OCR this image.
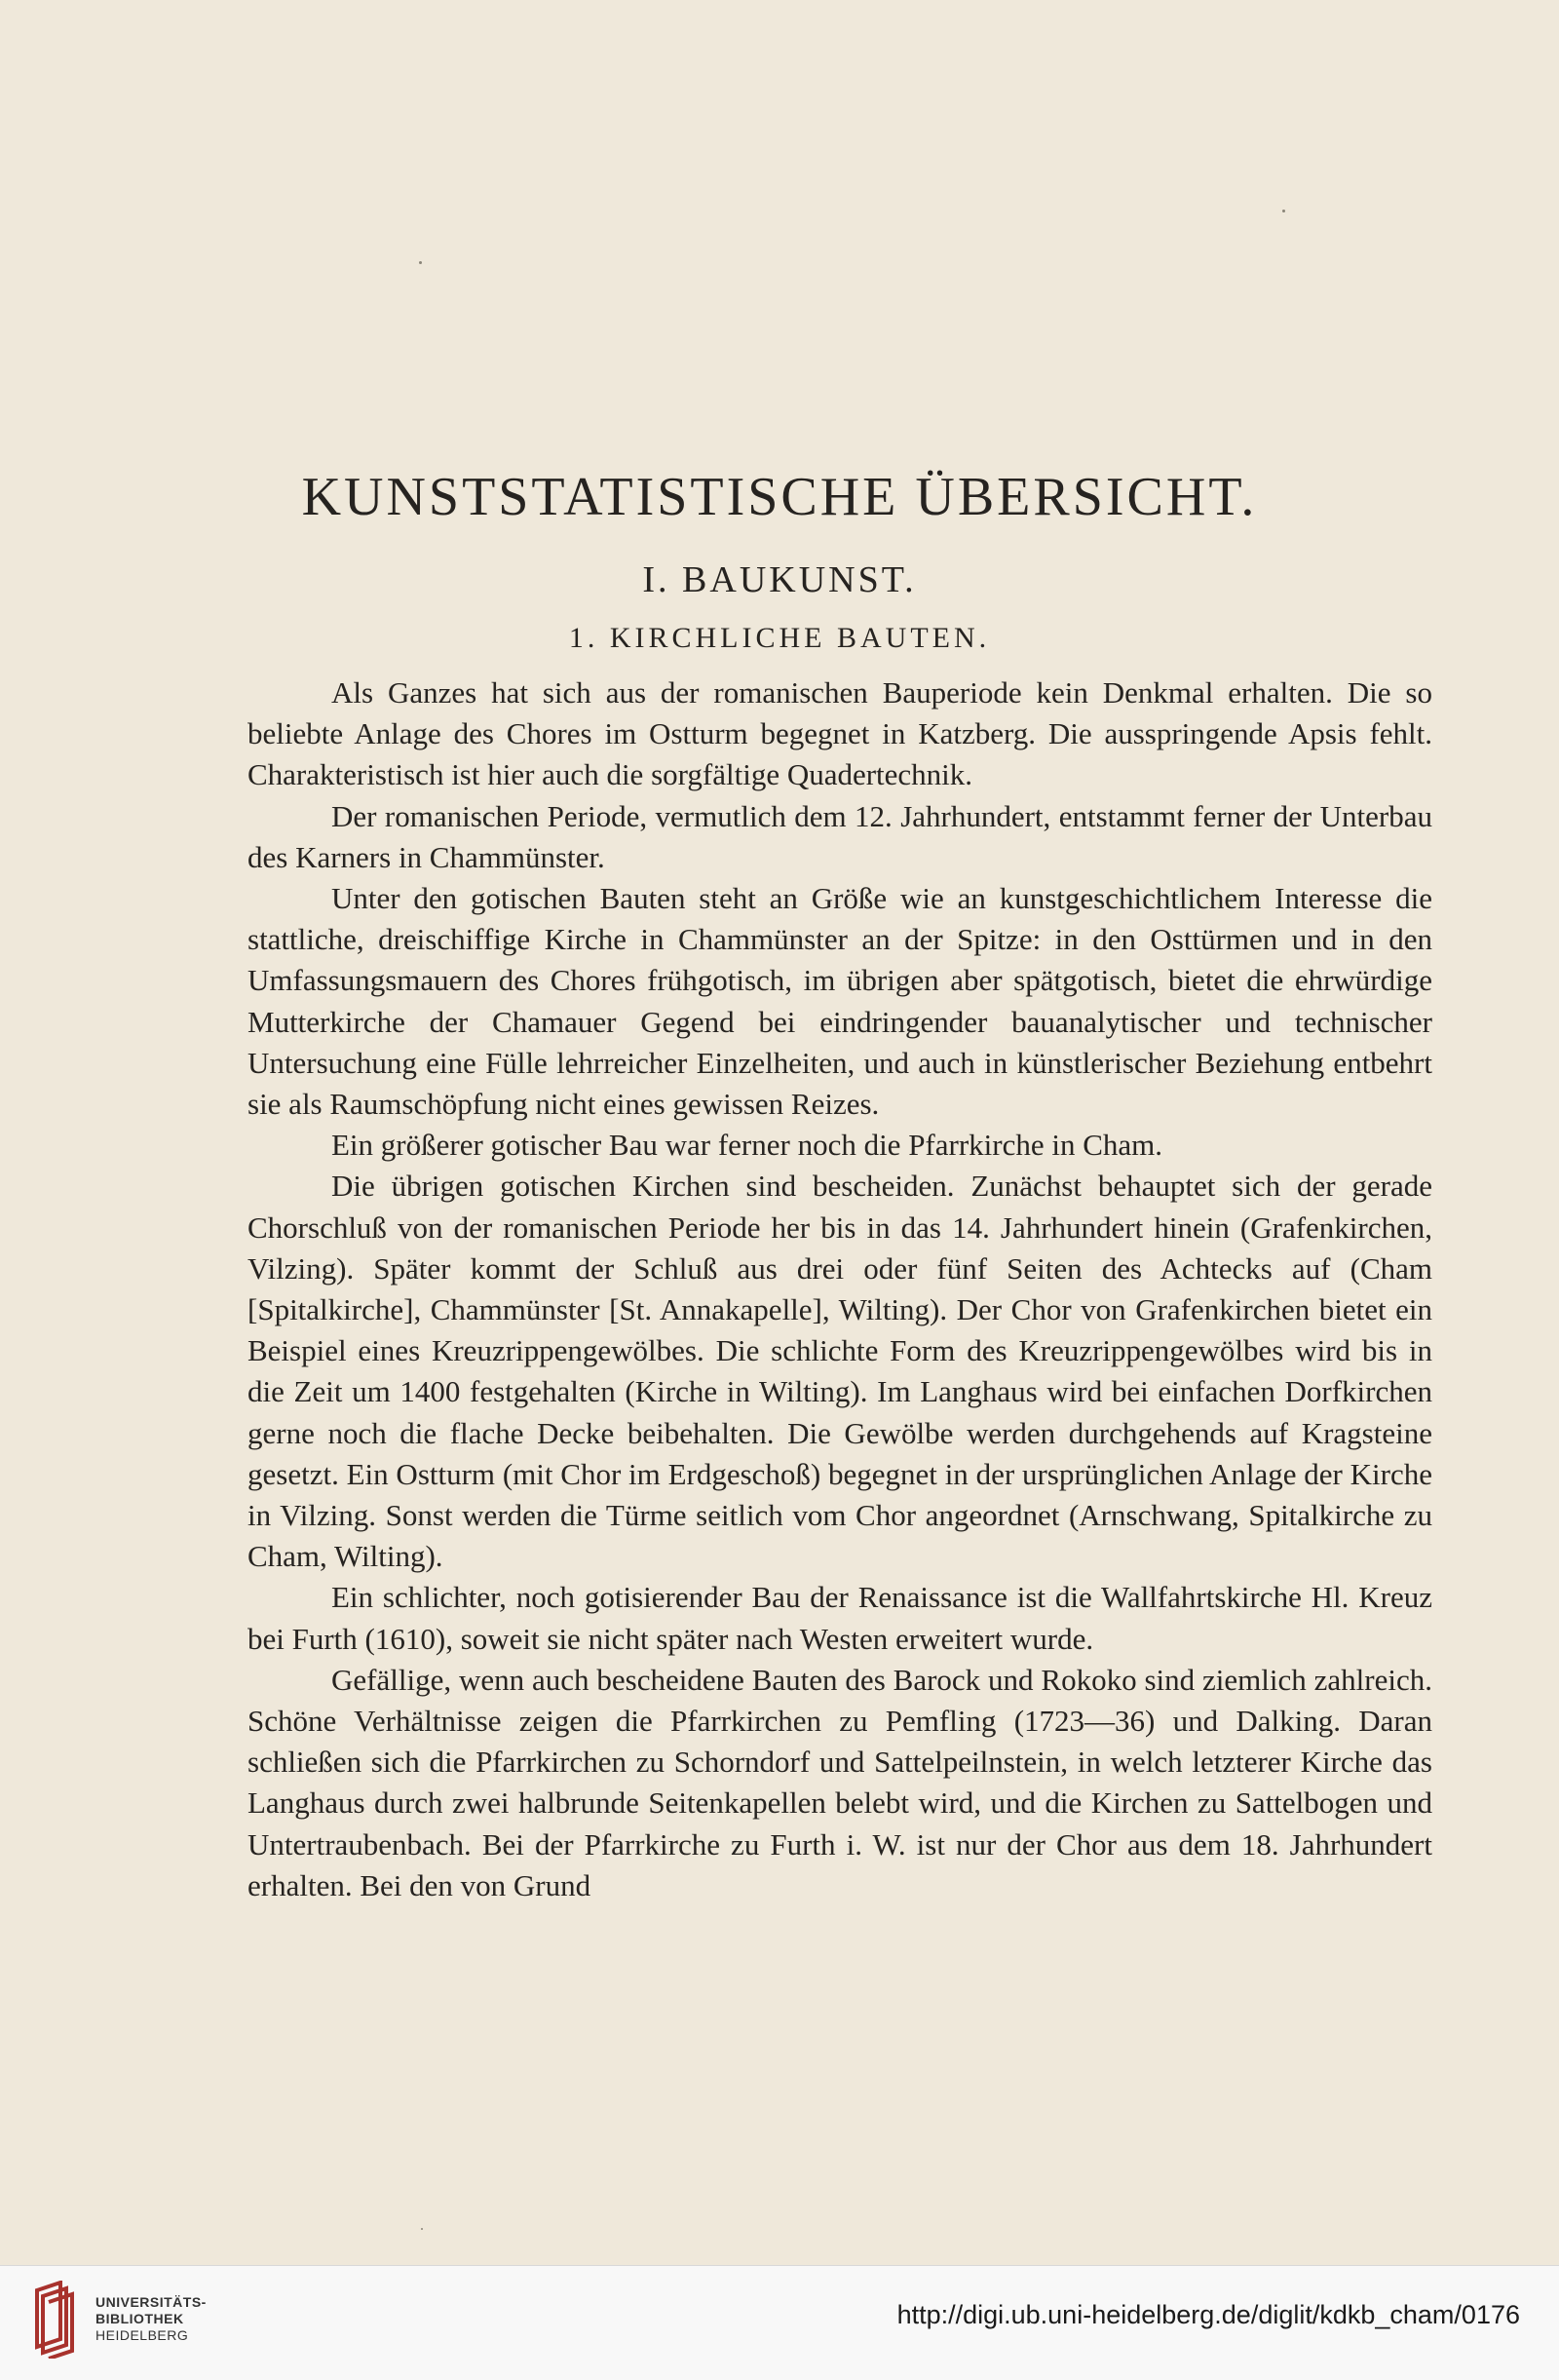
KUNSTSTATISTISCHE ÜBERSICHT.
I. BAUKUNST.
1. KIRCHLICHE BAUTEN.

Als Ganzes hat sich aus der romanischen Bauperiode kein Denkmal erhalten. Die so beliebte Anlage des Chores im Ostturm begegnet in Katzberg. Die ausspringende Apsis fehlt. Charakteristisch ist hier auch die sorgfältige Quadertechnik.

Der romanischen Periode, vermutlich dem 12. Jahrhundert, entstammt ferner der Unterbau des Karners in Chammünster.

Unter den gotischen Bauten steht an Größe wie an kunstgeschichtlichem Interesse die stattliche, dreischiffige Kirche in Chammünster an der Spitze: in den Osttürmen und in den Umfassungsmauern des Chores frühgotisch, im übrigen aber spätgotisch, bietet die ehrwürdige Mutterkirche der Chamauer Gegend bei eindringender bauanalytischer und technischer Untersuchung eine Fülle lehrreicher Einzelheiten, und auch in künstlerischer Beziehung entbehrt sie als Raumschöpfung nicht eines gewissen Reizes.

Ein größerer gotischer Bau war ferner noch die Pfarrkirche in Cham.

Die übrigen gotischen Kirchen sind bescheiden. Zunächst behauptet sich der gerade Chorschluß von der romanischen Periode her bis in das 14. Jahrhundert hinein (Grafenkirchen, Vilzing). Später kommt der Schluß aus drei oder fünf Seiten des Achtecks auf (Cham [Spitalkirche], Chammünster [St. Annakapelle], Wilting). Der Chor von Grafenkirchen bietet ein Beispiel eines Kreuzrippengewölbes. Die schlichte Form des Kreuzrippengewölbes wird bis in die Zeit um 1400 festgehalten (Kirche in Wilting). Im Langhaus wird bei einfachen Dorfkirchen gerne noch die flache Decke beibehalten. Die Gewölbe werden durchgehends auf Kragsteine gesetzt. Ein Ostturm (mit Chor im Erdgeschoß) begegnet in der ursprünglichen Anlage der Kirche in Vilzing. Sonst werden die Türme seitlich vom Chor angeordnet (Arnschwang, Spitalkirche zu Cham, Wilting).

Ein schlichter, noch gotisierender Bau der Renaissance ist die Wallfahrtskirche Hl. Kreuz bei Furth (1610), soweit sie nicht später nach Westen erweitert wurde.

Gefällige, wenn auch bescheidene Bauten des Barock und Rokoko sind ziemlich zahlreich. Schöne Verhältnisse zeigen die Pfarrkirchen zu Pemfling (1723—36) und Dalking. Daran schließen sich die Pfarrkirchen zu Schorndorf und Sattelpeilnstein, in welch letzterer Kirche das Langhaus durch zwei halbrunde Seitenkapellen belebt wird, und die Kirchen zu Sattelbogen und Untertraubenbach. Bei der Pfarrkirche zu Furth i. W. ist nur der Chor aus dem 18. Jahrhundert erhalten. Bei den von Grund

UNIVERSITÄTS-
BIBLIOTHEK
HEIDELBERG
http://digi.ub.uni-heidelberg.de/diglit/kdkb_cham/0176
